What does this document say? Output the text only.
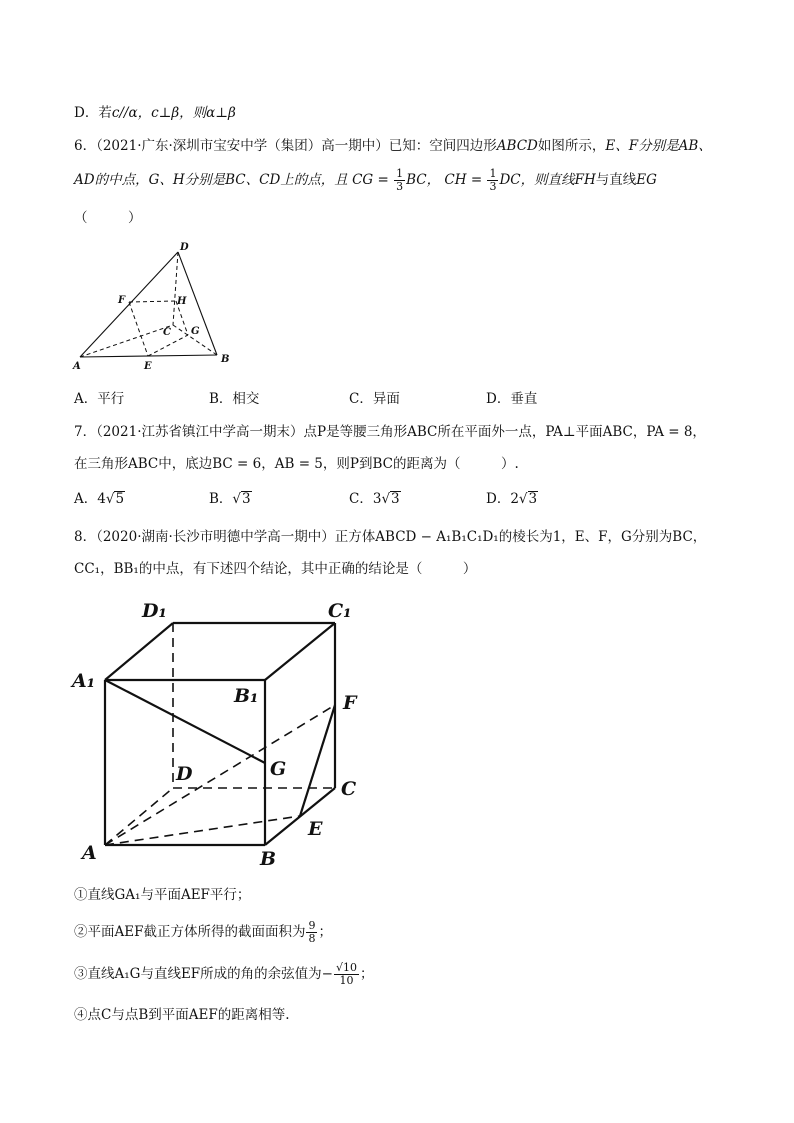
D．若c//α，c⊥β，则α⊥β
6．（2021·广东·深圳市宝安中学（集团）高一期中）已知：空间四边形ABCD如图所示，E、F分别是AB、
AD的中点，G、H分别是BC、CD上的点，且 CG = $\frac{1}{3}$ BC， CH = $\frac{1}{3}$ DC，则直线FH与直线EG
（　　　）
D
F	H
C G
A	E
B
A．平行	B．相交	C．异面	D．垂直
7．（2021·江苏省镇江中学高一期末）点P是等腰三角形ABC所在平面外一点，PA⊥平面ABC，PA = 8，
在三角形ABC中，底边BC = 6，AB = 5，则P到BC的距离为（　　　）.
A．4√5	B．√3	C．3√3	D．2√3
8．（2020·湖南·长沙市明德中学高一期中）正方体ABCD − A₁B₁C₁D₁的棱长为1，E、F，G分别为BC，
CC₁，BB₁的中点，有下述四个结论，其中正确的结论是（　　　）
D₁	C₁
A₁
B₁	F
D	G
C
E
A	B
①直线GA₁与平面AEF平行；
②平面AEF截正方体所得的截面面积为 $\frac{9}{8}$ ；
③直线A₁G与直线EF所成的角的余弦值为− $\frac{√10}{10}$ ；
④点C与点B到平面AEF的距离相等.
